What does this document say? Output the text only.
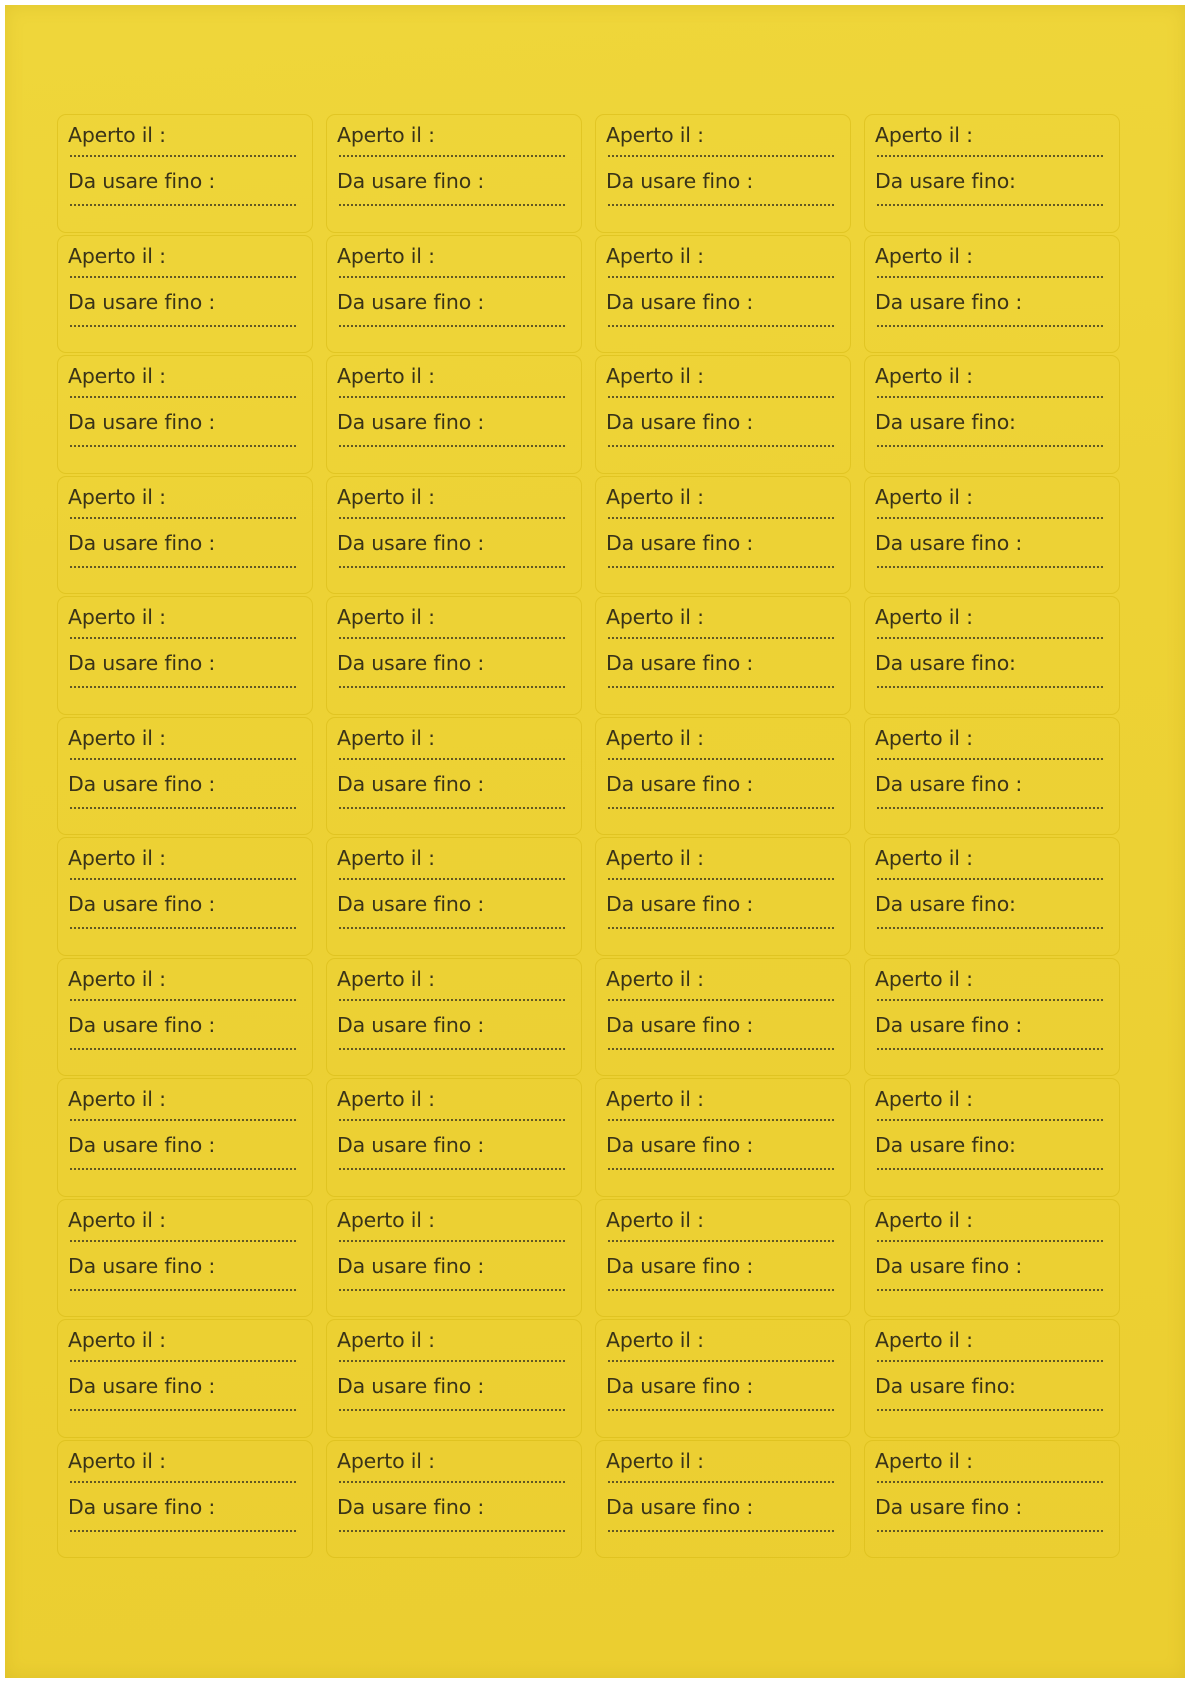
Aperto il :
Da usare fino :
Aperto il :
Da usare fino :
Aperto il :
Da usare fino :
Aperto il :
Da usare fino:
Aperto il :
Da usare fino :
Aperto il :
Da usare fino :
Aperto il :
Da usare fino :
Aperto il :
Da usare fino :
Aperto il :
Da usare fino :
Aperto il :
Da usare fino :
Aperto il :
Da usare fino :
Aperto il :
Da usare fino:
Aperto il :
Da usare fino :
Aperto il :
Da usare fino :
Aperto il :
Da usare fino :
Aperto il :
Da usare fino :
Aperto il :
Da usare fino :
Aperto il :
Da usare fino :
Aperto il :
Da usare fino :
Aperto il :
Da usare fino:
Aperto il :
Da usare fino :
Aperto il :
Da usare fino :
Aperto il :
Da usare fino :
Aperto il :
Da usare fino :
Aperto il :
Da usare fino :
Aperto il :
Da usare fino :
Aperto il :
Da usare fino :
Aperto il :
Da usare fino:
Aperto il :
Da usare fino :
Aperto il :
Da usare fino :
Aperto il :
Da usare fino :
Aperto il :
Da usare fino :
Aperto il :
Da usare fino :
Aperto il :
Da usare fino :
Aperto il :
Da usare fino :
Aperto il :
Da usare fino:
Aperto il :
Da usare fino :
Aperto il :
Da usare fino :
Aperto il :
Da usare fino :
Aperto il :
Da usare fino :
Aperto il :
Da usare fino :
Aperto il :
Da usare fino :
Aperto il :
Da usare fino :
Aperto il :
Da usare fino:
Aperto il :
Da usare fino :
Aperto il :
Da usare fino :
Aperto il :
Da usare fino :
Aperto il :
Da usare fino :
